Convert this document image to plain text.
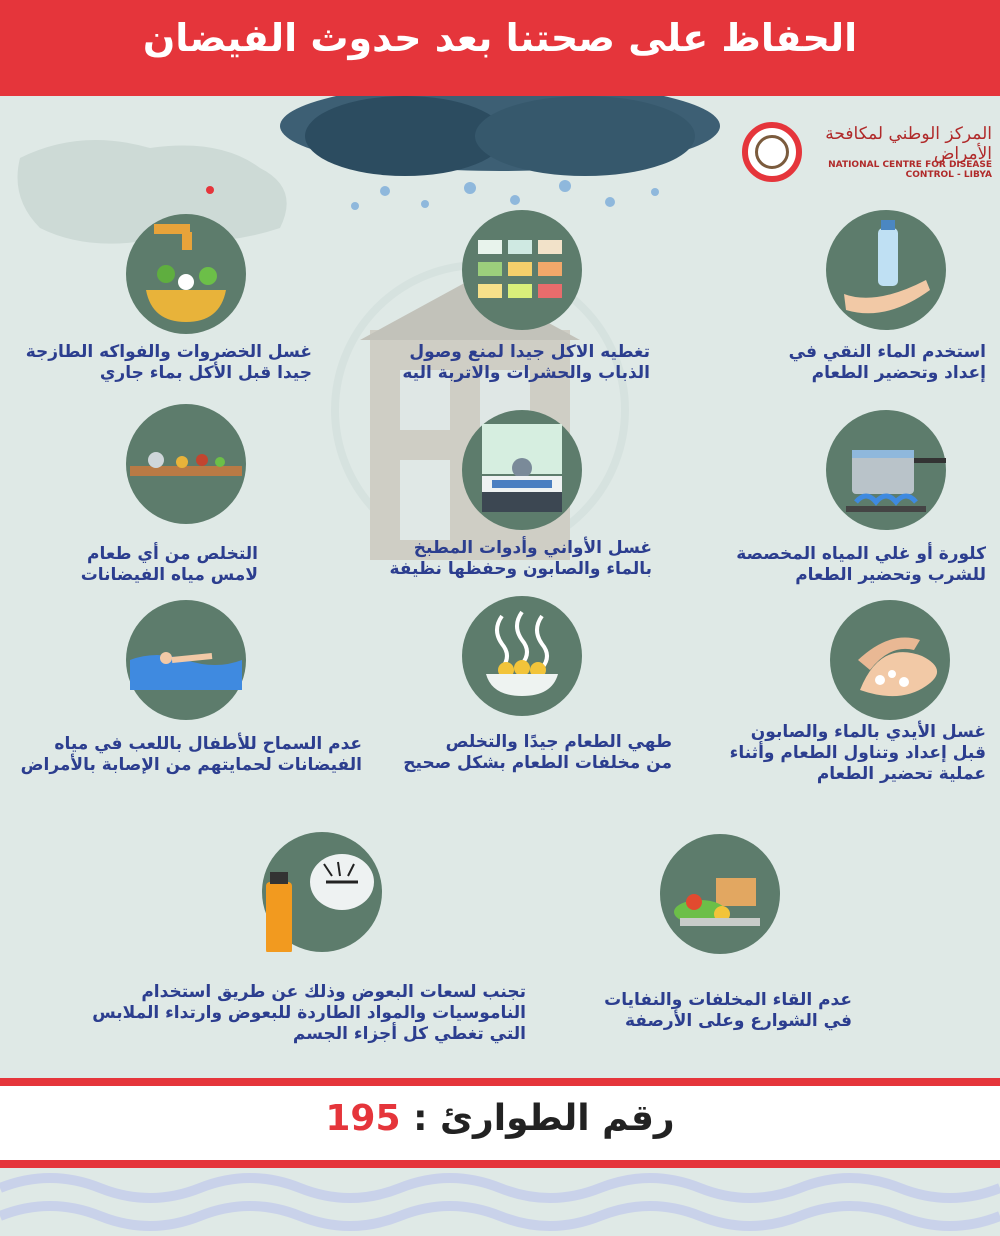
الحفاظ على صحتنا بعد حدوث الفيضان
المركز الوطني لمكافحة الأمراض
NATIONAL CENTRE FOR DISEASE CONTROL - LIBYA
استخدم الماء النقي في
إعداد وتحضير الطعام
تغطيه الاكل جيدا لمنع وصول
الذباب والحشرات والاتربة اليه
غسل الخضروات والفواكه الطازجة
جيدا قبل الأكل بماء جاري
كلورة أو غلي المياه المخصصة
للشرب وتحضير الطعام
غسل الأواني وأدوات المطبخ
بالماء والصابون وحفظها نظيفة
التخلص من أي طعام
لامس مياه الفيضانات
غسل الأيدي بالماء والصابون
قبل إعداد وتناول الطعام وأثناء
عملية تحضير الطعام
طهي الطعام جيدًا والتخلص
من مخلفات الطعام بشكل صحيح
عدم السماح للأطفال باللعب في مياه
الفيضانات لحمايتهم من الإصابة بالأمراض
عدم القاء المخلفات والنفايات
في الشوارع وعلى الأرصفة
تجنب لسعات البعوض وذلك عن طريق استخدام
الناموسيات والمواد الطاردة للبعوض وارتداء الملابس
التي تغطي كل أجزاء الجسم
رقم الطوارئ : 195
